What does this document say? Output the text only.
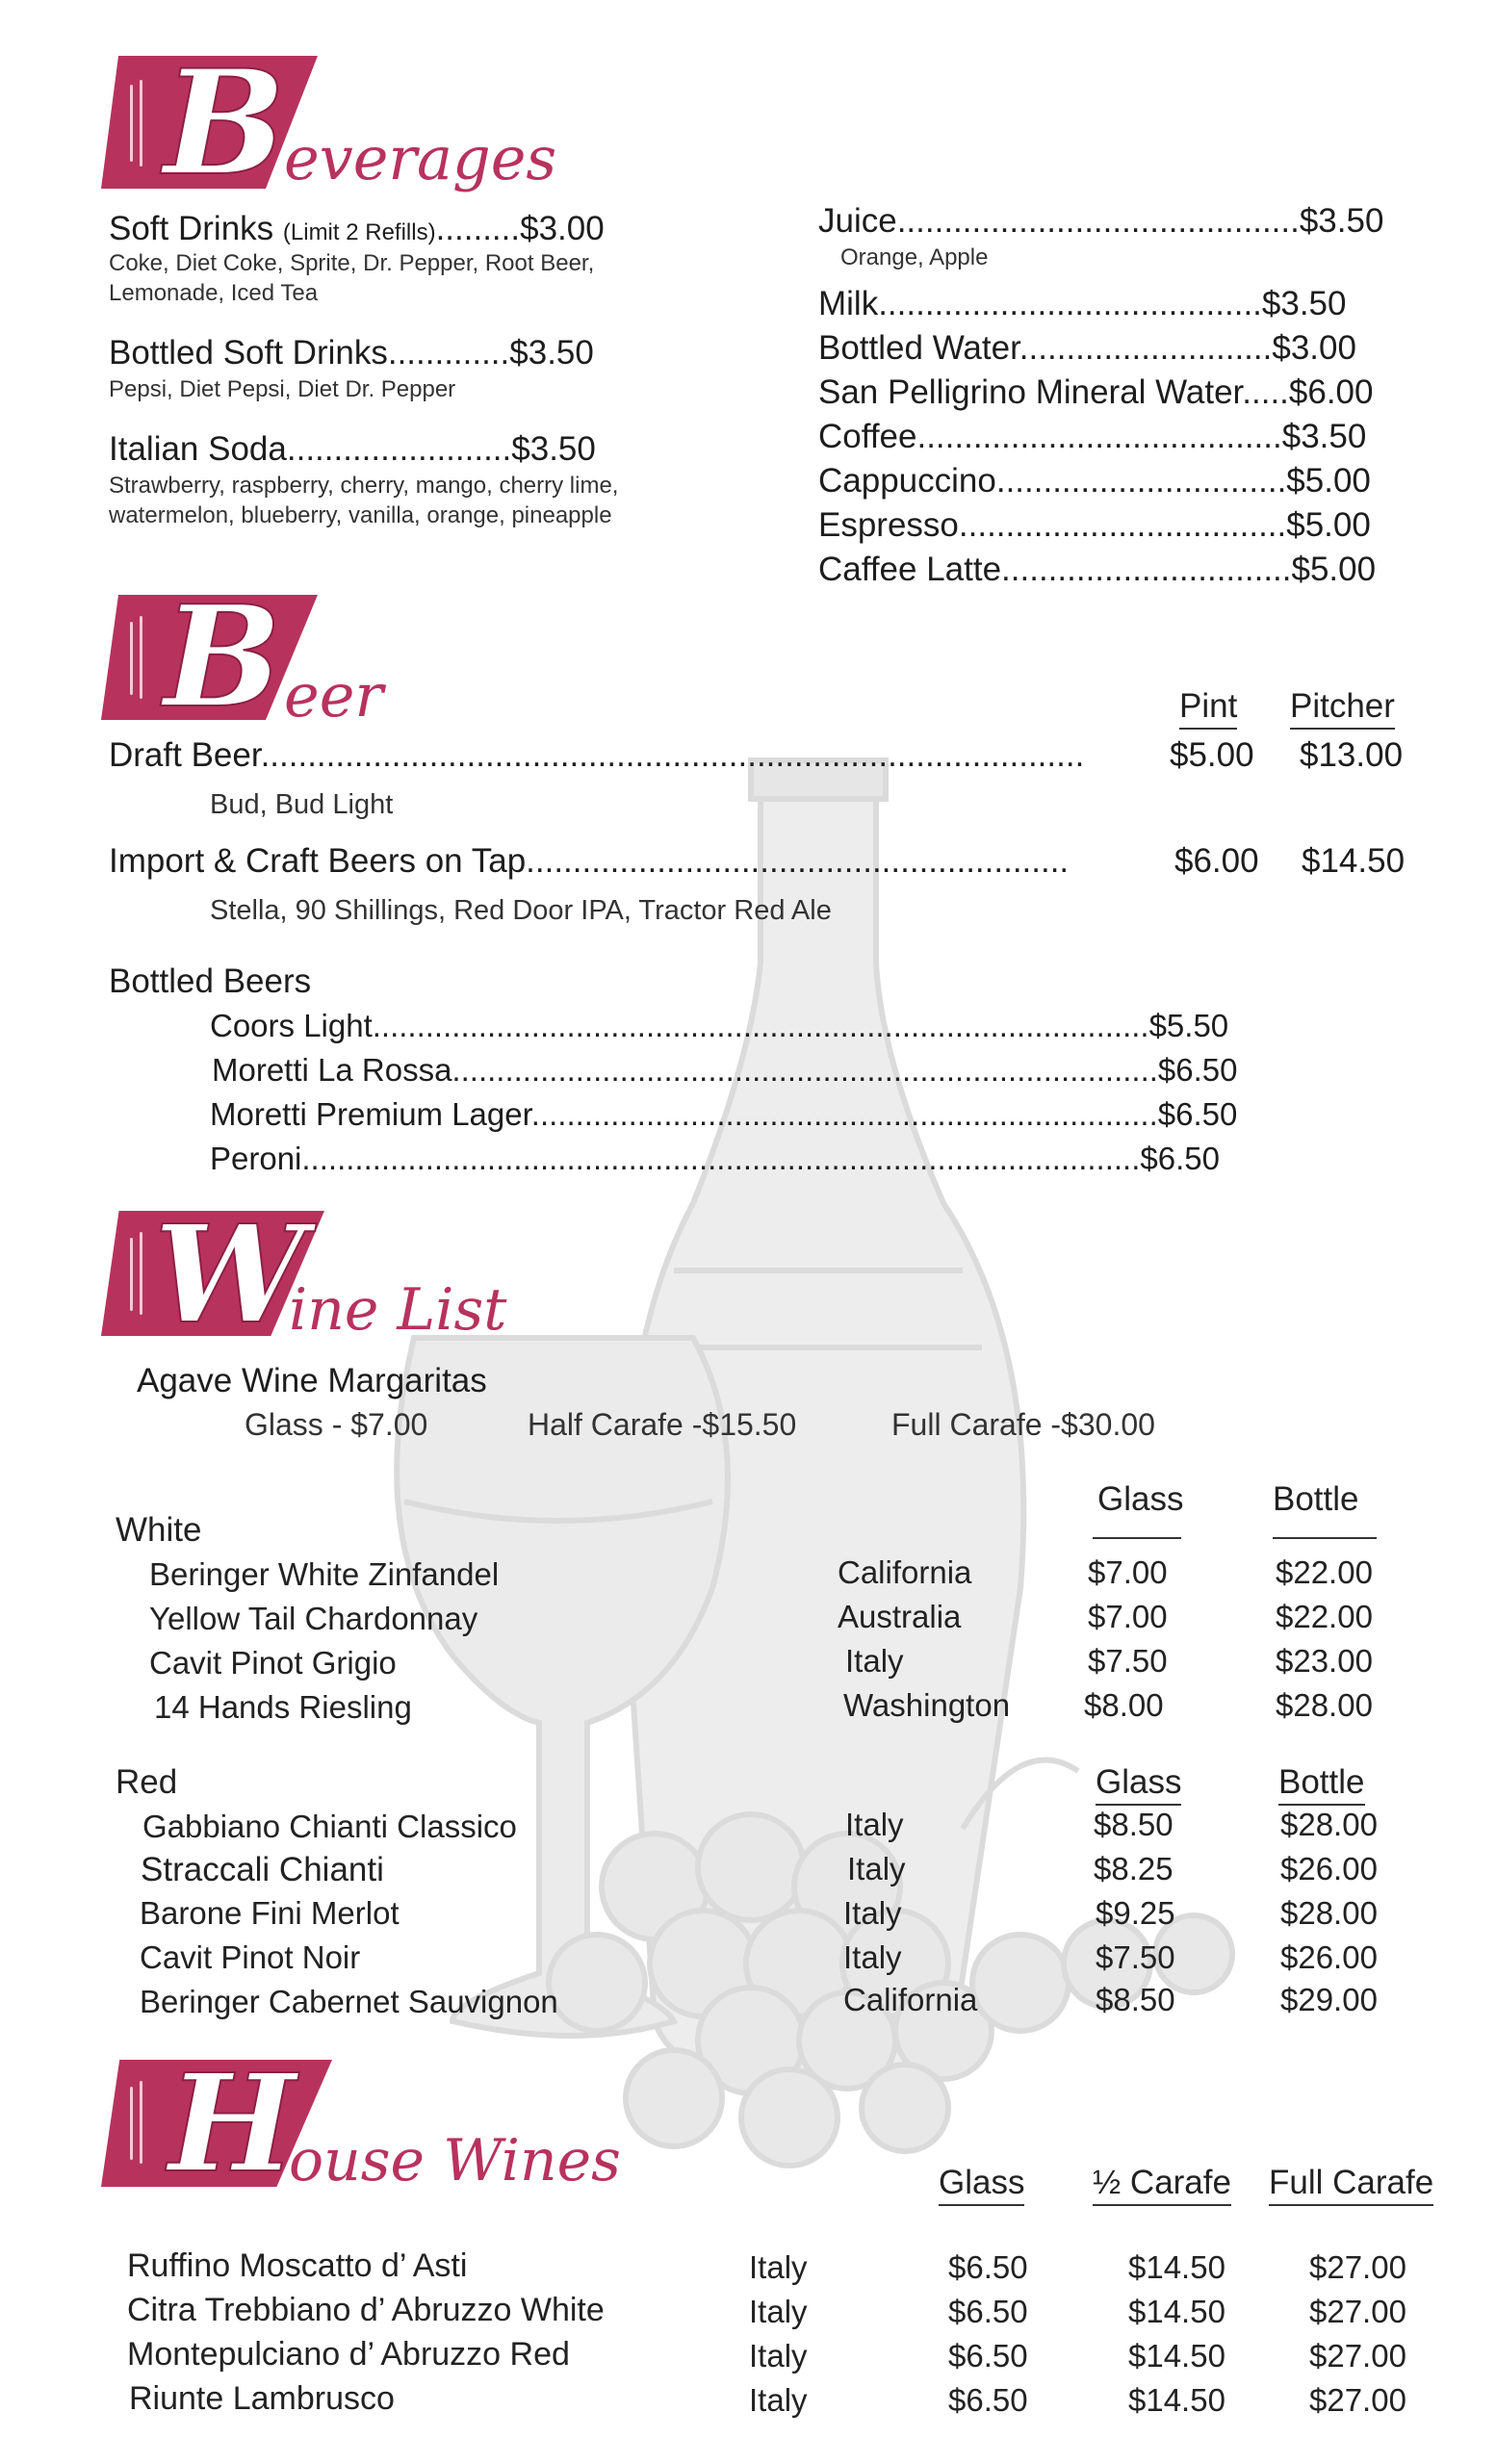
B
everages
Soft Drinks (Limit 2 Refills).........$3.00
Coke, Diet Coke, Sprite, Dr. Pepper, Root Beer,
Lemonade, Iced Tea
Bottled Soft Drinks.............$3.50
Pepsi, Diet Pepsi, Diet Dr. Pepper
Italian Soda........................$3.50
Strawberry, raspberry, cherry, mango, cherry lime,
watermelon, blueberry, vanilla, orange, pineapple
Juice...........................................$3.50
Orange, Apple
Milk.........................................$3.50
Bottled Water...........................$3.00
San Pelligrino Mineral Water.....$6.00
Coffee.......................................$3.50
Cappuccino...............................$5.00
Espresso...................................$5.00
Caffee Latte...............................$5.00
B eer	Pint Pitcher
Draft Beer........................................................................................	$5.00 $13.00
Bud, Bud Light
Import & Craft Beers on Tap..........................................................	$6.00 $14.50
Stella, 90 Shillings, Red Door IPA, Tractor Red Ale
Bottled Beers
Coors Light........................................................................................$5.50
Moretti La Rossa................................................................................$6.50
Moretti Premium Lager.......................................................................$6.50
Peroni...............................................................................................$6.50
W
ine List
Agave Wine Margaritas
Glass - $7.00	Half Carafe -$15.50	Full Carafe -$30.00
Glass	Bottle
White
Beringer White Zinfandel	California	$7.00	$22.00
Yellow Tail Chardonnay	Australia	$7.00	$22.00
Cavit Pinot Grigio	Italy	$7.50	$23.00
14 Hands Riesling	Washington $8.00	$28.00
Red	Glass	Bottle
Gabbiano Chianti Classico	Italy	$8.50	$28.00
Straccali Chianti	Italy	$8.25	$26.00
Barone Fini Merlot	Italy	$9.25	$28.00
Cavit Pinot Noir	Italy	$7.50	$26.00
Beringer Cabernet Sauvignon	California	$8.50	$29.00
H
ouse Wines	Glass ½ Carafe Full Carafe
Ruffino Moscatto d’ Asti	Italy	$6.50	$14.50	$27.00
Citra Trebbiano d’ Abruzzo White	Italy	$6.50	$14.50	$27.00
Montepulciano d’ Abruzzo Red	Italy	$6.50	$14.50	$27.00
Riunte Lambrusco	Italy	$6.50	$14.50	$27.00
